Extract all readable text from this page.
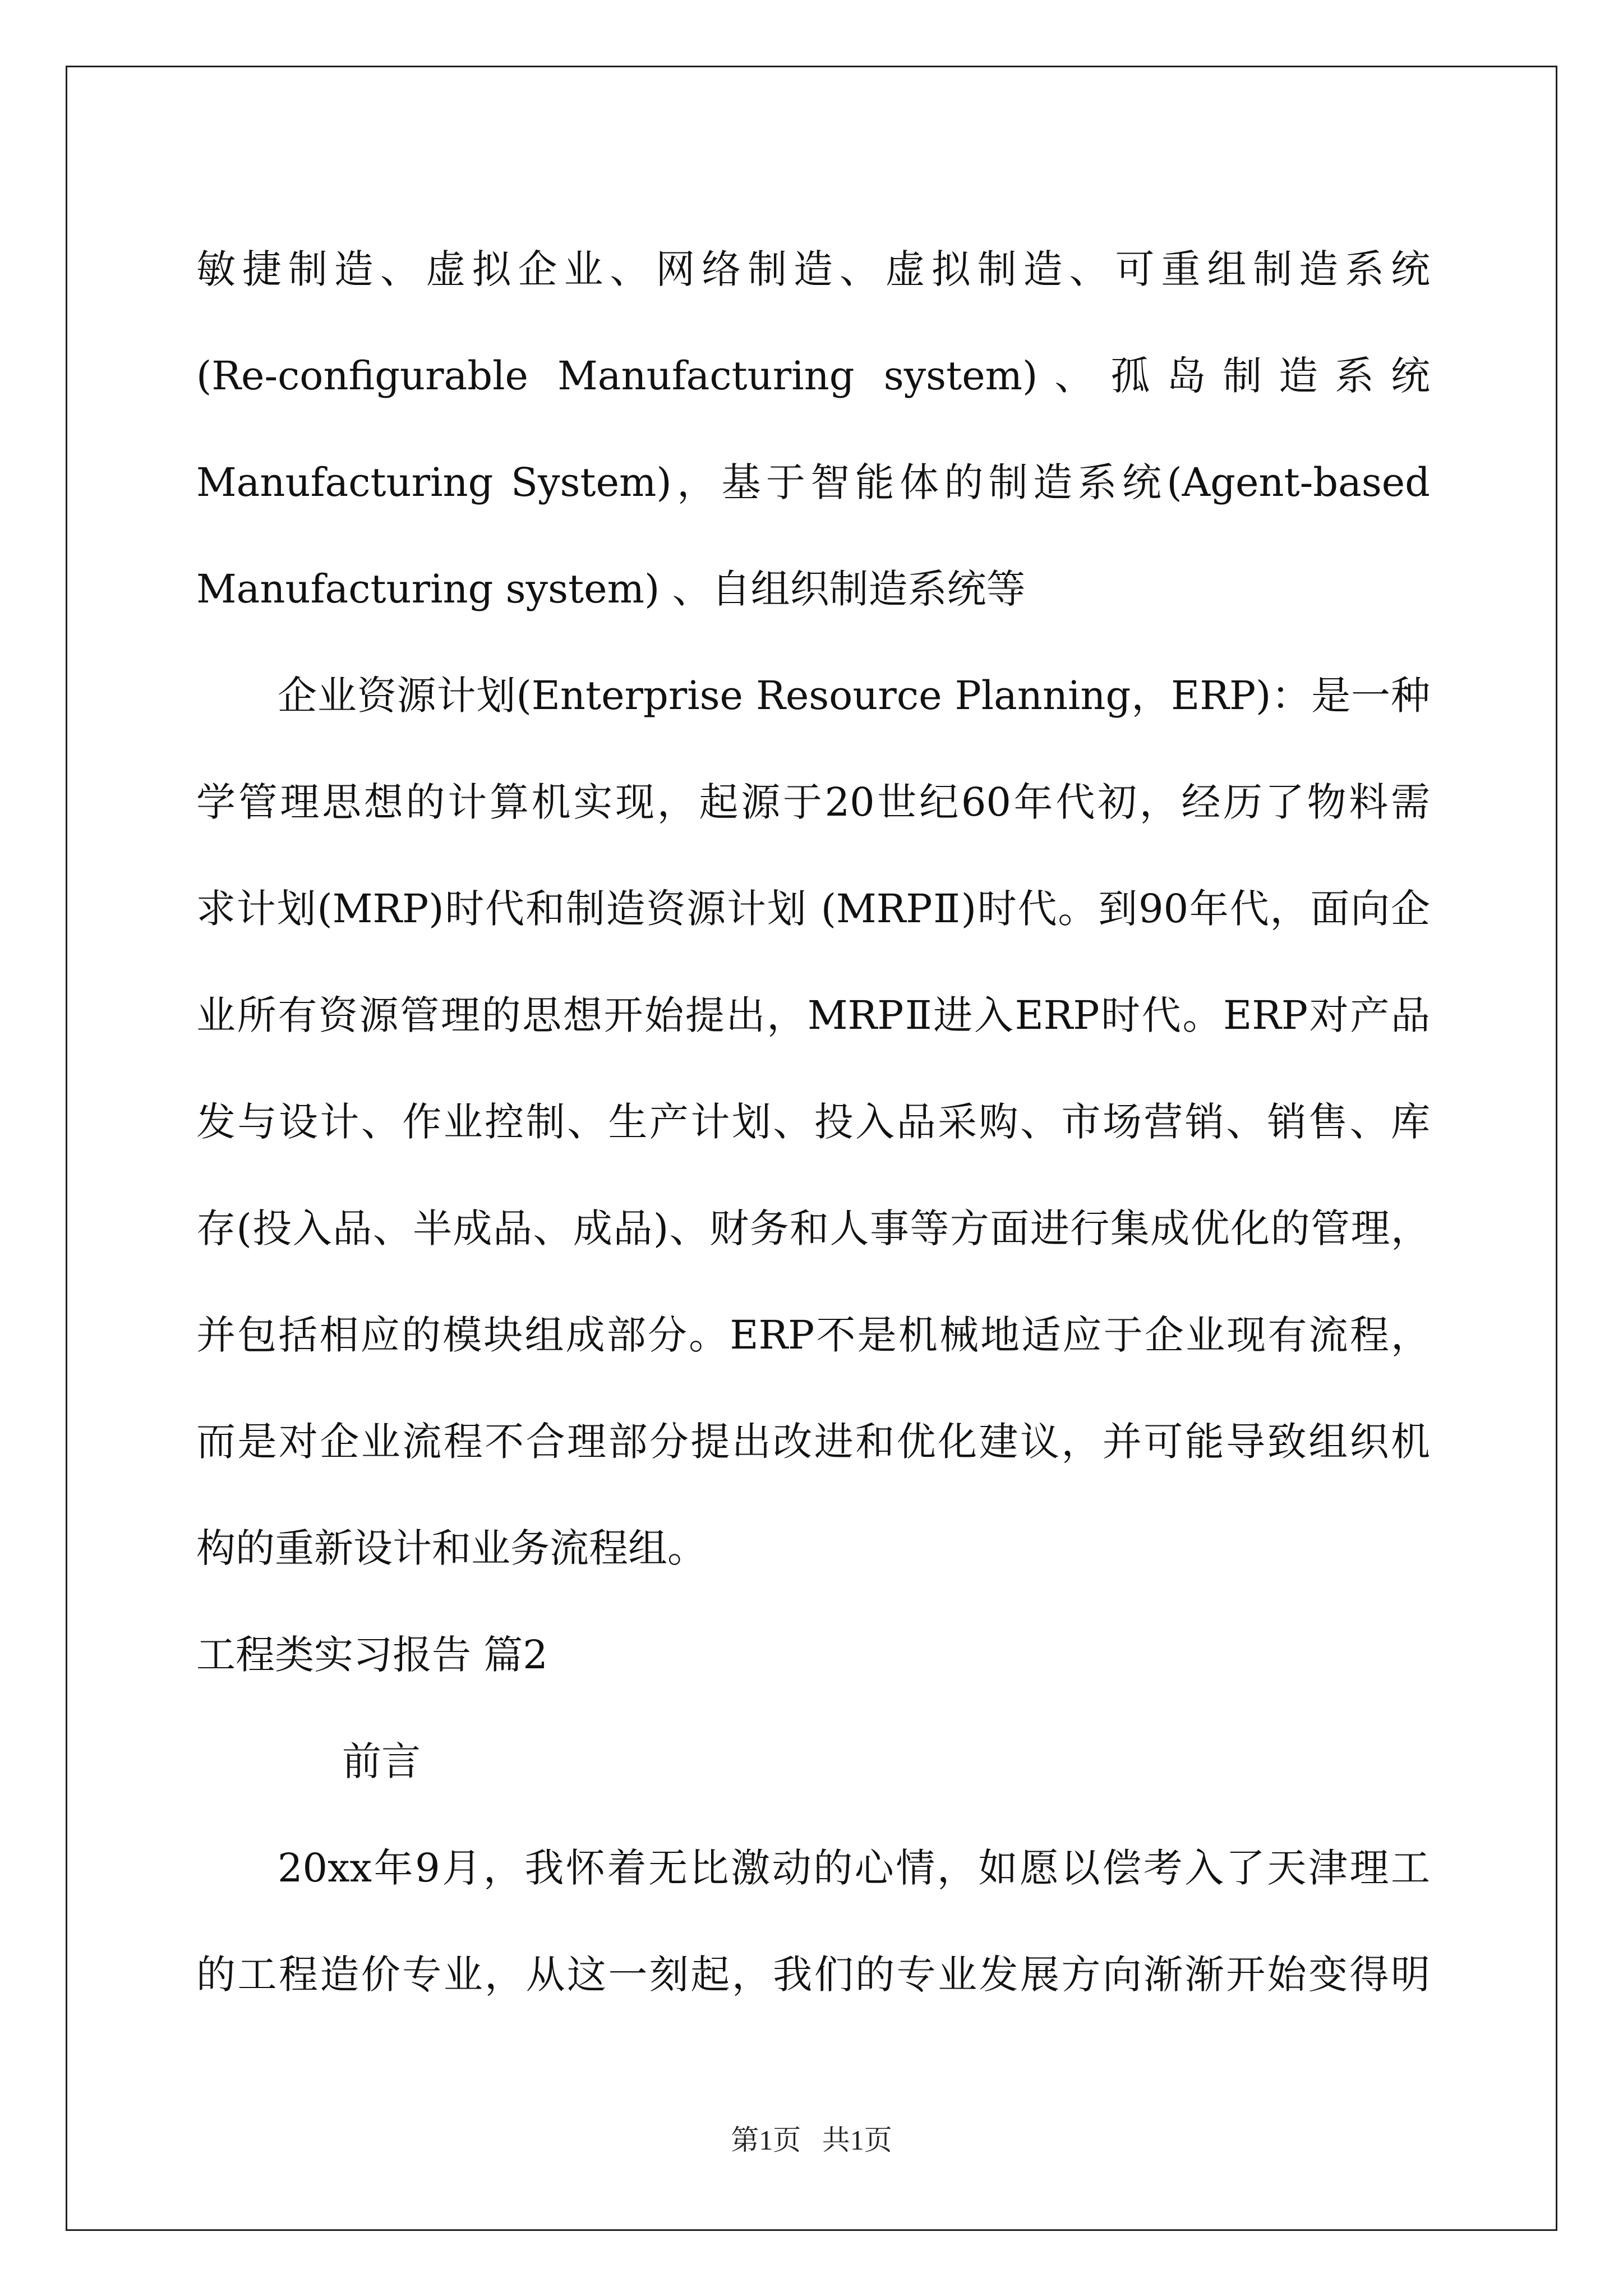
敏捷制造、虚拟企业、网络制造、虚拟制造、可重组制造系统
(Re-configurable Manufacturing system)、孤岛制造系统
Manufacturing System)，基于智能体的制造系统(Agent-based
Manufacturing system) 、自组织制造系统等
企业资源计划(Enterprise Resource Planning，ERP)：是一种
学管理思想的计算机实现，起源于20世纪60年代初，经历了物料需
求计划(MRP)时代和制造资源计划 (MRPⅡ)时代。到90年代，面向企
业所有资源管理的思想开始提出，MRPⅡ进入ERP时代。ERP对产品
发与设计、作业控制、生产计划、投入品采购、市场营销、销售、库
存(投入品、半成品、成品)、财务和人事等方面进行集成优化的管理，
并包括相应的模块组成部分。ERP不是机械地适应于企业现有流程，
而是对企业流程不合理部分提出改进和优化建议，并可能导致组织机
构的重新设计和业务流程组。
工程类实习报告 篇2
前言
20xx年9月，我怀着无比激动的心情，如愿以偿考入了天津理工
的工程造价专业，从这一刻起，我们的专业发展方向渐渐开始变得明
第1页   共1页
